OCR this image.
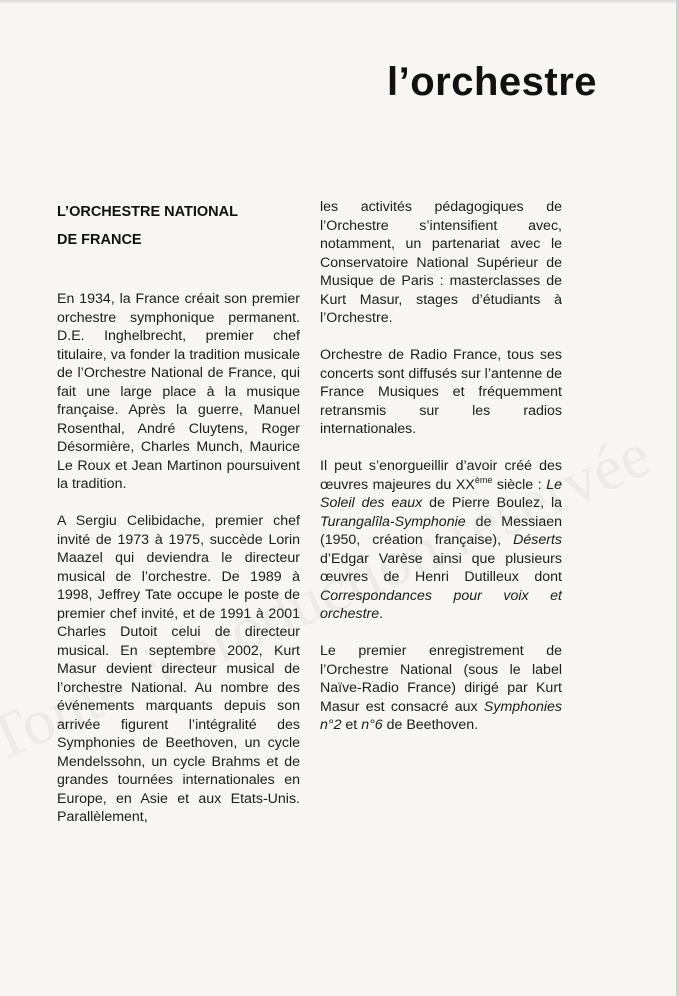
l’orchestre
L’ORCHESTRE NATIONAL
DE FRANCE

En 1934, la France créait son premier orchestre symphonique permanent. D.E. Inghelbrecht, premier chef titulaire, va fonder la tradition musicale de l’Orchestre National de France, qui fait une large place à la musique française. Après la guerre, Manuel Rosenthal, André Cluytens, Roger Désormière, Charles Munch, Maurice Le Roux et Jean Martinon poursuivent la tradition.

A Sergiu Celibidache, premier chef invité de 1973 à 1975, succède Lorin Maazel qui deviendra le directeur musical de l’orchestre. De 1989 à 1998, Jeffrey Tate occupe le poste de premier chef invité, et de 1991 à 2001 Charles Dutoit celui de directeur musical. En septembre 2002, Kurt Masur devient directeur musical de l’orchestre National. Au nombre des événements marquants depuis son arrivée figurent l’intégralité des Symphonies de Beethoven, un cycle Mendelssohn, un cycle Brahms et de grandes tournées internationales en Europe, en Asie et aux Etats-Unis. Parallèlement,

les activités pédagogiques de l’Orchestre s’intensifient avec, notamment, un partenariat avec le Conservatoire National Supérieur de Musique de Paris : masterclasses de Kurt Masur, stages d’étudiants à l’Orchestre.

Orchestre de Radio France, tous ses concerts sont diffusés sur l’antenne de France Musiques et fréquemment retransmis sur les radios internationales.

Il peut s’enorgueillir d’avoir créé des œuvres majeures du XXème siècle : Le Soleil des eaux de Pierre Boulez, la Turangalîla-Symphonie de Messiaen (1950, création française), Déserts d’Edgar Varèse ainsi que plusieurs œuvres de Henri Dutilleux dont Correspondances pour voix et orchestre.

Le premier enregistrement de l’Orchestre National (sous le label Naïve-Radio France) dirigé par Kurt Masur est consacré aux Symphonies n°2 et n°6 de Beethoven.
